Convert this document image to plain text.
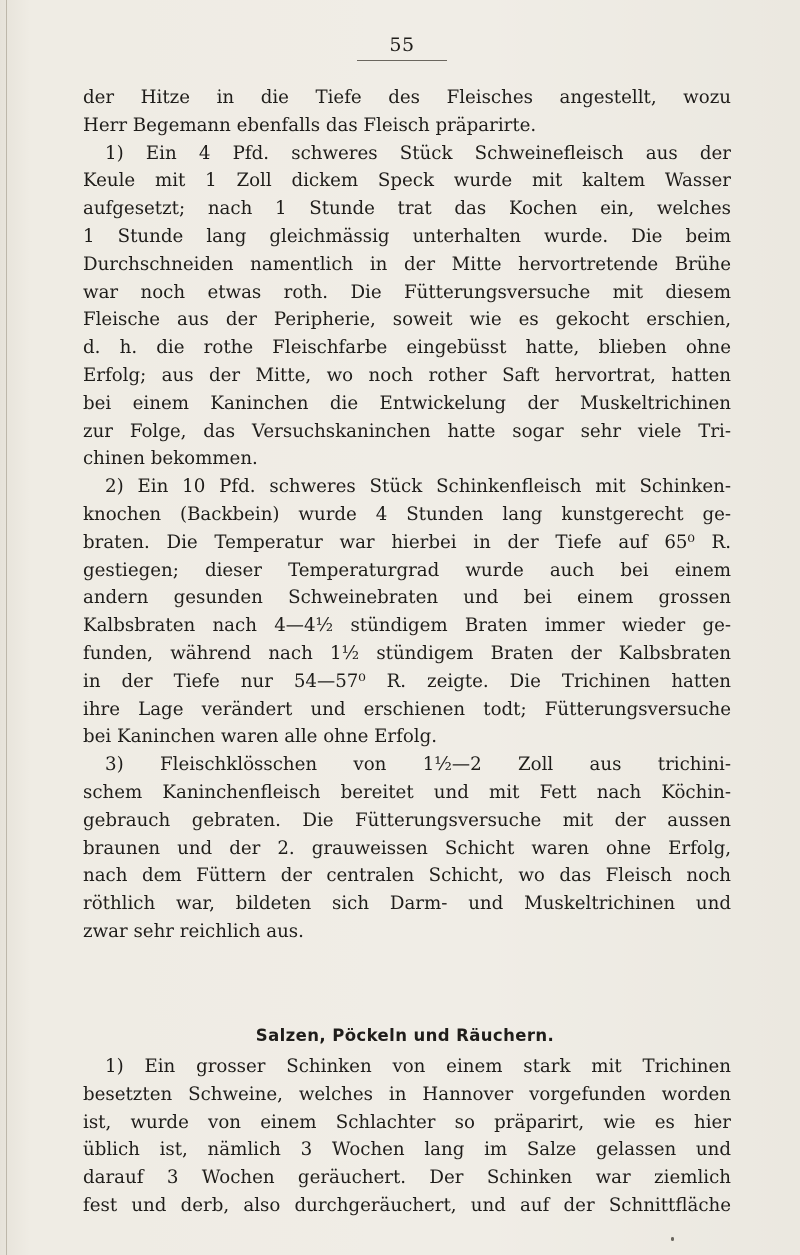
55
der Hitze in die Tiefe des Fleisches angestellt, wozu
Herr Begemann ebenfalls das Fleisch präparirte.
1) Ein 4 Pfd. schweres Stück Schweinefleisch aus der
Keule mit 1 Zoll dickem Speck wurde mit kaltem Wasser
aufgesetzt; nach 1 Stunde trat das Kochen ein, welches
1 Stunde lang gleichmässig unterhalten wurde. Die beim
Durchschneiden namentlich in der Mitte hervortretende Brühe
war noch etwas roth. Die Fütterungsversuche mit diesem
Fleische aus der Peripherie, soweit wie es gekocht erschien,
d. h. die rothe Fleischfarbe eingebüsst hatte, blieben ohne
Erfolg; aus der Mitte, wo noch rother Saft hervortrat, hatten
bei einem Kaninchen die Entwickelung der Muskeltrichinen
zur Folge, das Versuchskaninchen hatte sogar sehr viele Tri-
chinen bekommen.
2) Ein 10 Pfd. schweres Stück Schinkenfleisch mit Schinken-
knochen (Backbein) wurde 4 Stunden lang kunstgerecht ge-
braten. Die Temperatur war hierbei in der Tiefe auf 65⁰ R.
gestiegen; dieser Temperaturgrad wurde auch bei einem
andern gesunden Schweinebraten und bei einem grossen
Kalbsbraten nach 4—4½ stündigem Braten immer wieder ge-
funden, während nach 1½ stündigem Braten der Kalbsbraten
in der Tiefe nur 54—57⁰ R. zeigte. Die Trichinen hatten
ihre Lage verändert und erschienen todt; Fütterungsversuche
bei Kaninchen waren alle ohne Erfolg.
3) Fleischklösschen von 1½—2 Zoll aus trichini-
schem Kaninchenfleisch bereitet und mit Fett nach Köchin-
gebrauch gebraten. Die Fütterungsversuche mit der aussen
braunen und der 2. grauweissen Schicht waren ohne Erfolg,
nach dem Füttern der centralen Schicht, wo das Fleisch noch
röthlich war, bildeten sich Darm- und Muskeltrichinen und
zwar sehr reichlich aus.
Salzen, Pöckeln und Räuchern.
1) Ein grosser Schinken von einem stark mit Trichinen
besetzten Schweine, welches in Hannover vorgefunden worden
ist, wurde von einem Schlachter so präparirt, wie es hier
üblich ist, nämlich 3 Wochen lang im Salze gelassen und
darauf 3 Wochen geräuchert. Der Schinken war ziemlich
fest und derb, also durchgeräuchert, und auf der Schnittfläche
